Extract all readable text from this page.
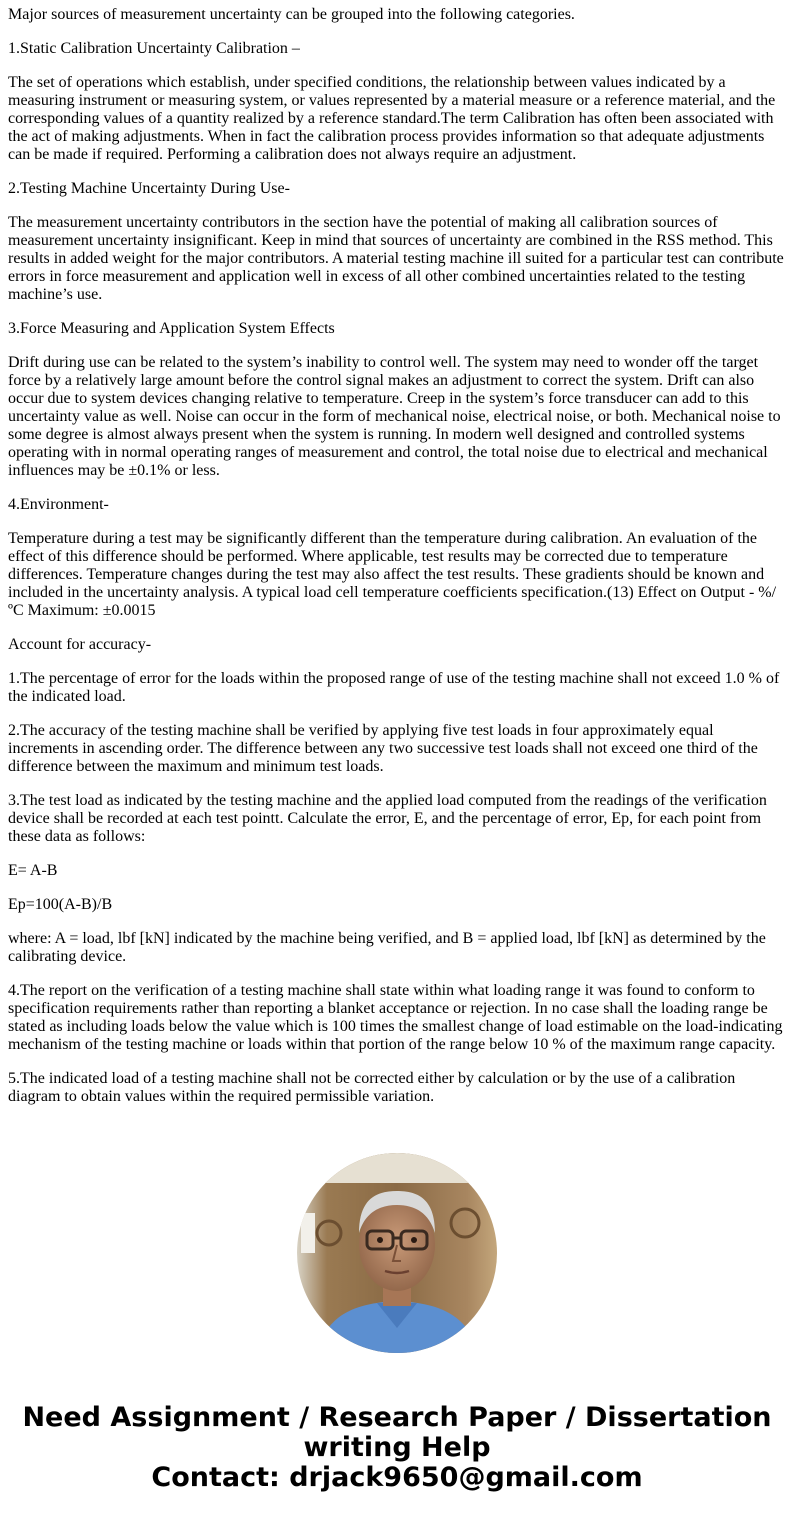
Major sources of measurement uncertainty can be grouped into the following categories.

1.Static Calibration Uncertainty Calibration –

The set of operations which establish, under specified conditions, the relationship between values indicated by a measuring instrument or measuring system, or values represented by a material measure or a reference material, and the corresponding values of a quantity realized by a reference standard.The term Calibration has often been associated with the act of making adjustments. When in fact the calibration process provides information so that adequate adjustments can be made if required. Performing a calibration does not always require an adjustment.

2.Testing Machine Uncertainty During Use-

The measurement uncertainty contributors in the section have the potential of making all calibration sources of measurement uncertainty insignificant. Keep in mind that sources of uncertainty are combined in the RSS method. This results in added weight for the major contributors. A material testing machine ill suited for a particular test can contribute errors in force measurement and application well in excess of all other combined uncertainties related to the testing machine’s use.

3.Force Measuring and Application System Effects

Drift during use can be related to the system’s inability to control well. The system may need to wonder off the target force by a relatively large amount before the control signal makes an adjustment to correct the system. Drift can also occur due to system devices changing relative to temperature. Creep in the system’s force transducer can add to this uncertainty value as well. Noise can occur in the form of mechanical noise, electrical noise, or both. Mechanical noise to some degree is almost always present when the system is running. In modern well designed and controlled systems operating with in normal operating ranges of measurement and control, the total noise due to electrical and mechanical influences may be ±0.1% or less.

4.Environment-

Temperature during a test may be significantly different than the temperature during calibration. An evaluation of the effect of this difference should be performed. Where applicable, test results may be corrected due to temperature differences. Temperature changes during the test may also affect the test results. These gradients should be known and included in the uncertainty analysis. A typical load cell temperature coefficients specification.(13) Effect on Output - %/ºC Maximum: ±0.0015

Account for accuracy-

1.The percentage of error for the loads within the proposed range of use of the testing machine shall not exceed 1.0 % of the indicated load.

2.The accuracy of the testing machine shall be verified by applying five test loads in four approximately equal increments in ascending order. The difference between any two successive test loads shall not exceed one third of the difference between the maximum and minimum test loads.

3.The test load as indicated by the testing machine and the applied load computed from the readings of the verification device shall be recorded at each test pointt. Calculate the error, E, and the percentage of error, Ep, for each point from these data as follows:

E= A-B

Ep=100(A-B)/B

where: A = load, lbf [kN] indicated by the machine being verified, and B = applied load, lbf [kN] as determined by the calibrating device.

4.The report on the verification of a testing machine shall state within what loading range it was found to conform to specification requirements rather than reporting a blanket acceptance or rejection. In no case shall the loading range be stated as including loads below the value which is 100 times the smallest change of load estimable on the load-indicating mechanism of the testing machine or loads within that portion of the range below 10 % of the maximum range capacity.

5.The indicated load of a testing machine shall not be corrected either by calculation or by the use of a calibration diagram to obtain values within the required permissible variation.

Need Assignment / Research Paper / Dissertation
writing Help
Contact: drjack9650@gmail.com
